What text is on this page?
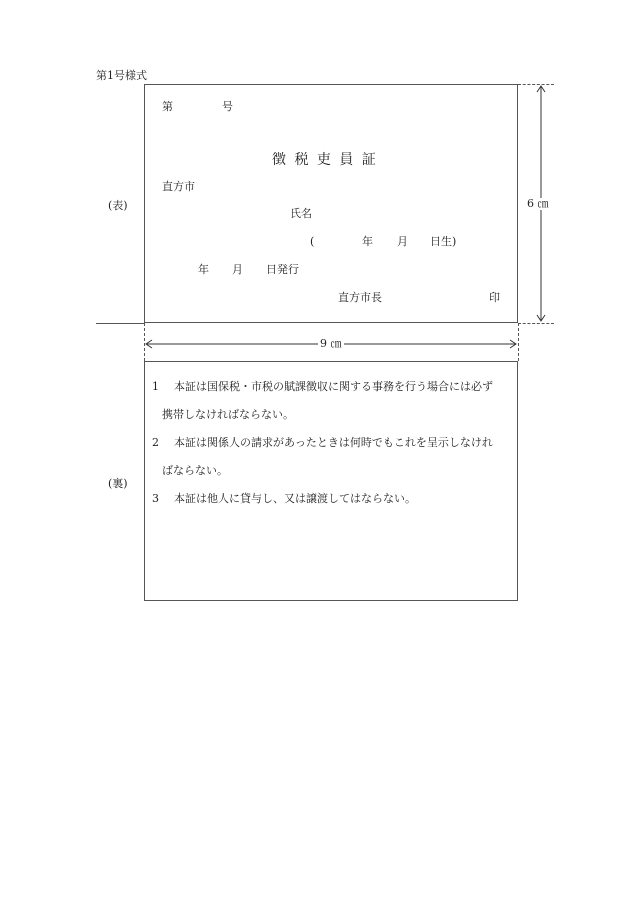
第1号様式
(表)
第	号
徴 税 吏 員 証
直方市
氏名
(	年 月 日生)
年 月 日発行
直方市長	印
6 ㎝
9 ㎝
(裏)
1 本証は国保税・市税の賦課徴収に関する事務を行う場合には必ず
携帯しなければならない。
2 本証は関係人の請求があったときは何時でもこれを呈示しなけれ
ばならない。
3 本証は他人に貸与し、又は譲渡してはならない。
